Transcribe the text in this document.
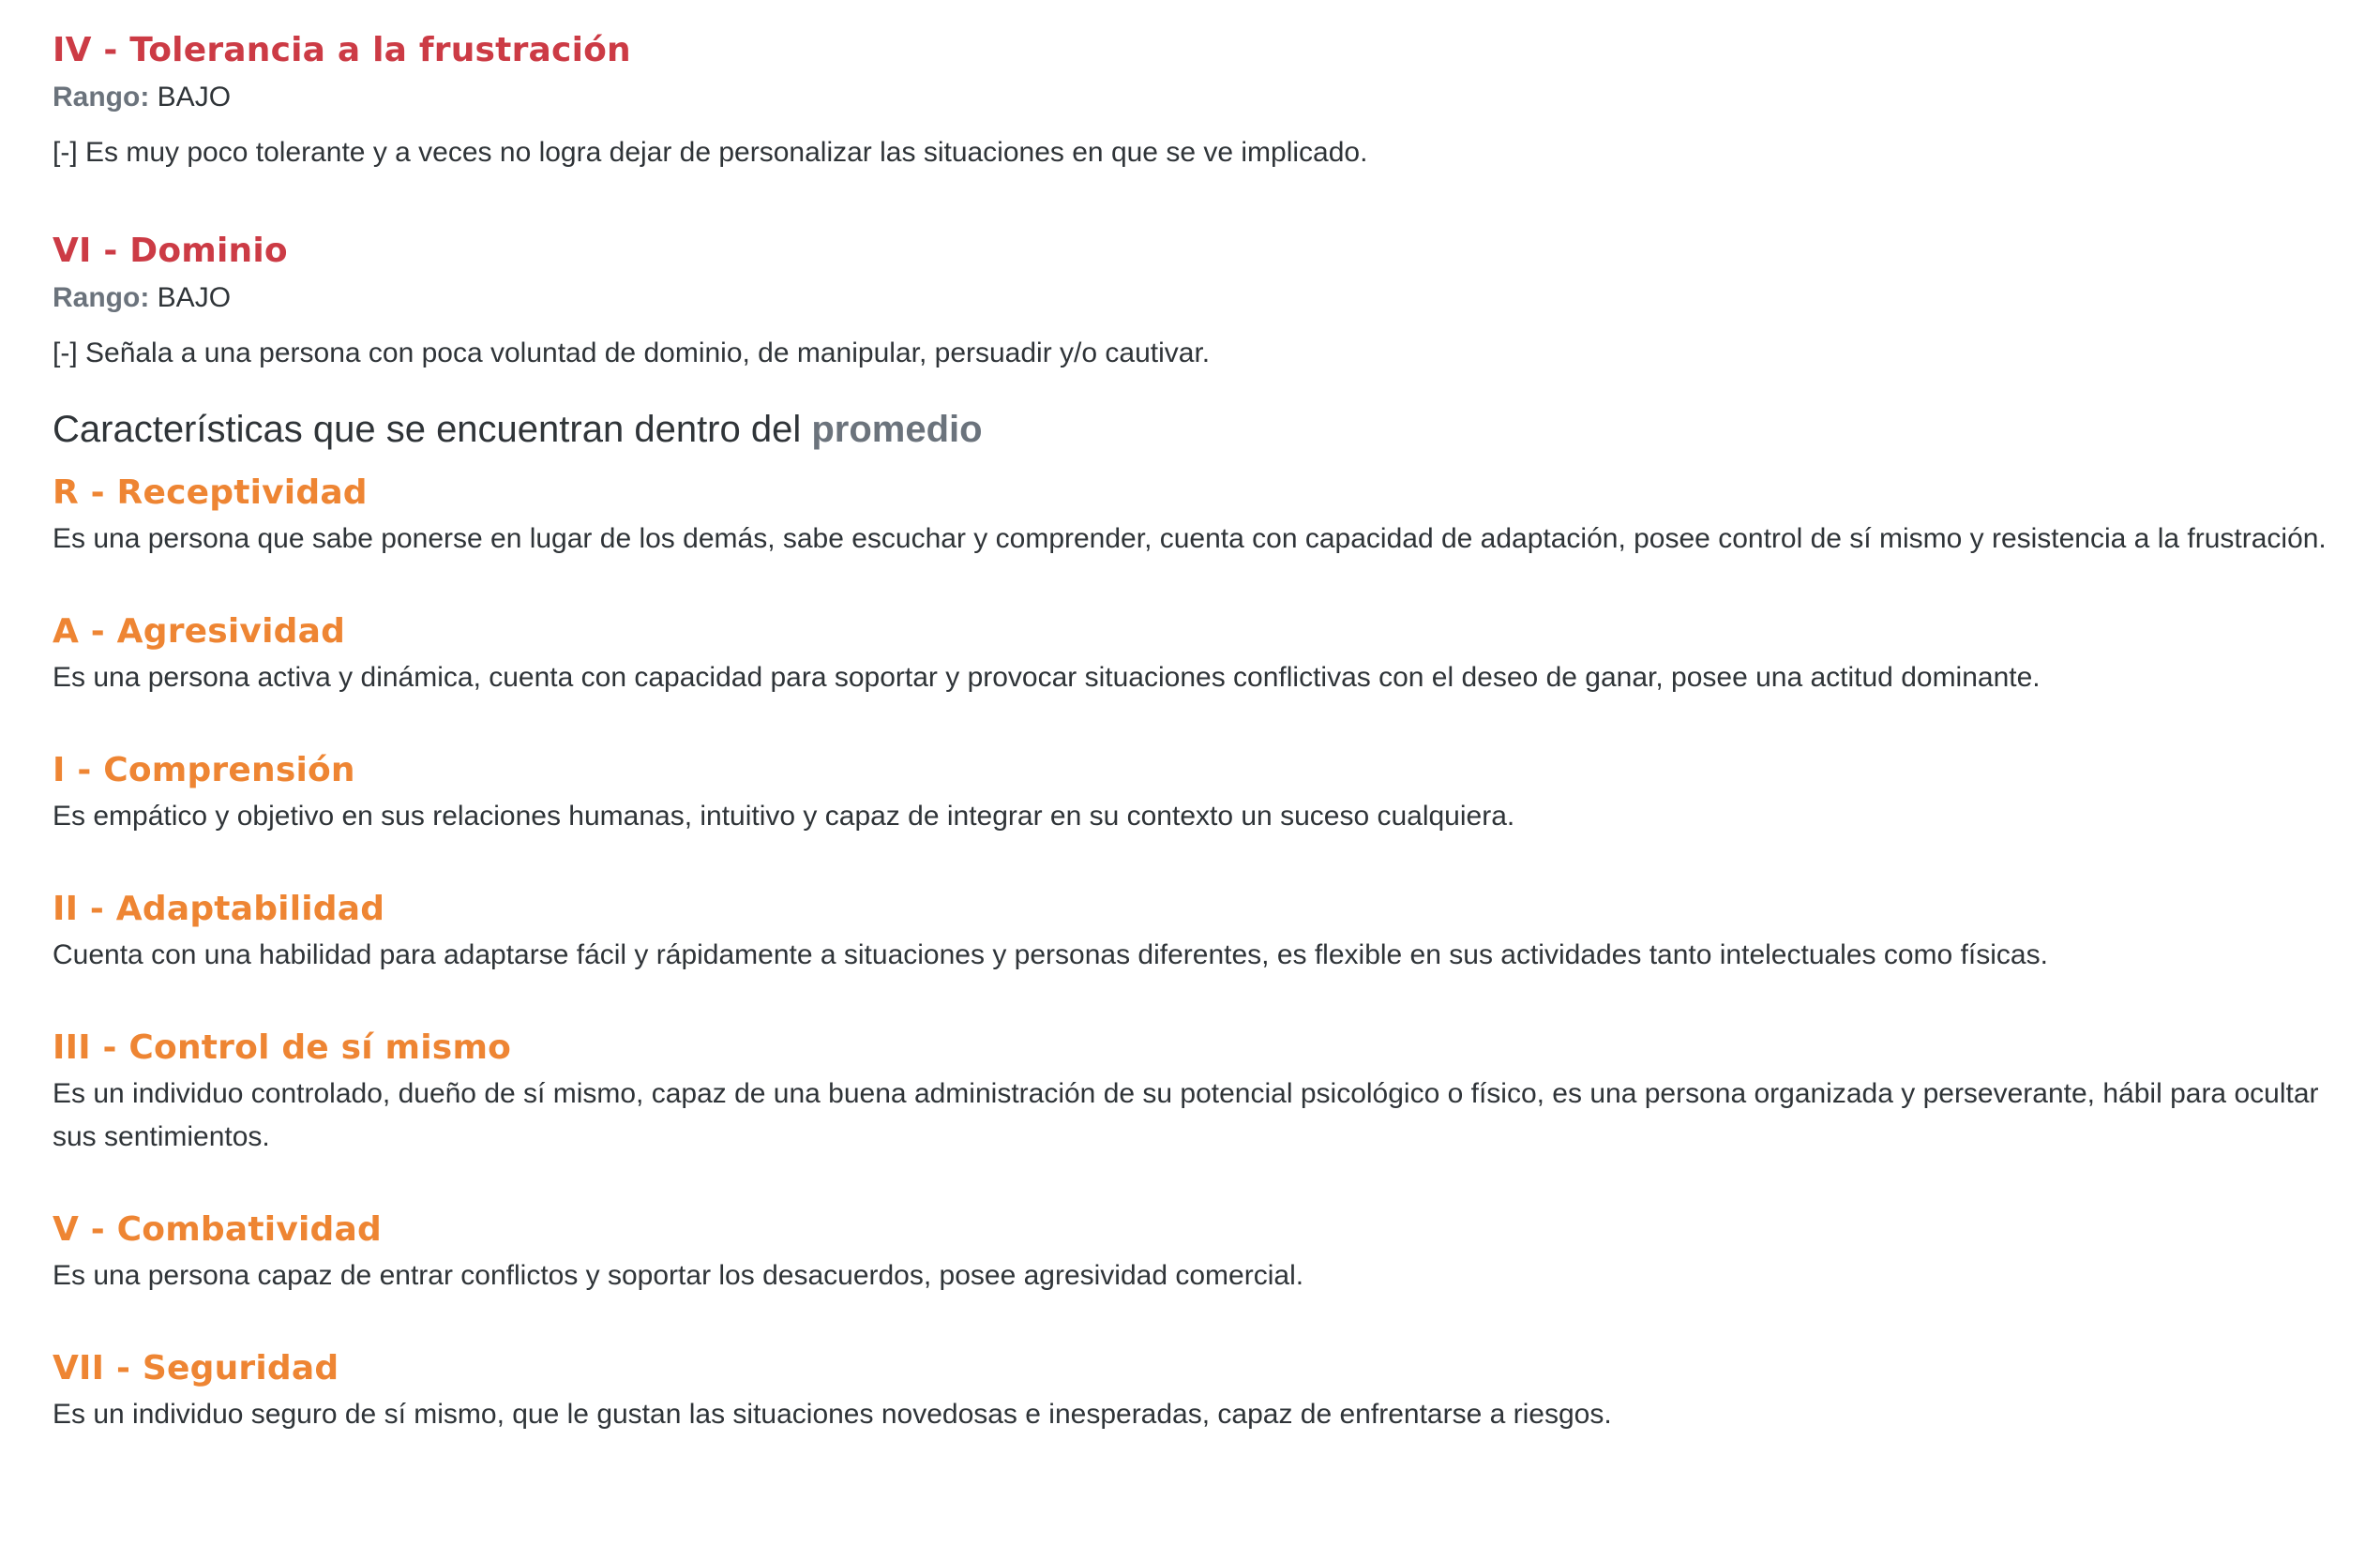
IV - Tolerancia a la frustración

Rango: BAJO

[-] Es muy poco tolerante y a veces no logra dejar de personalizar las situaciones en que se ve implicado.

VI - Dominio

Rango: BAJO

[-] Señala a una persona con poca voluntad de dominio, de manipular, persuadir y/o cautivar.

Características que se encuentran dentro del promedio
R - Receptividad

Es una persona que sabe ponerse en lugar de los demás, sabe escuchar y comprender, cuenta con capacidad de adaptación, posee control de sí mismo y resistencia a la frustración.

A - Agresividad

Es una persona activa y dinámica, cuenta con capacidad para soportar y provocar situaciones conflictivas con el deseo de ganar, posee una actitud dominante.

I - Comprensión

Es empático y objetivo en sus relaciones humanas, intuitivo y capaz de integrar en su contexto un suceso cualquiera.

II - Adaptabilidad

Cuenta con una habilidad para adaptarse fácil y rápidamente a situaciones y personas diferentes, es flexible en sus actividades tanto intelectuales como físicas.

III - Control de sí mismo

Es un individuo controlado, dueño de sí mismo, capaz de una buena administración de su potencial psicológico o físico, es una persona organizada y perseverante, hábil para ocultar sus sentimientos.

V - Combatividad

Es una persona capaz de entrar conflictos y soportar los desacuerdos, posee agresividad comercial.

VII - Seguridad

Es un individuo seguro de sí mismo, que le gustan las situaciones novedosas e inesperadas, capaz de enfrentarse a riesgos.
